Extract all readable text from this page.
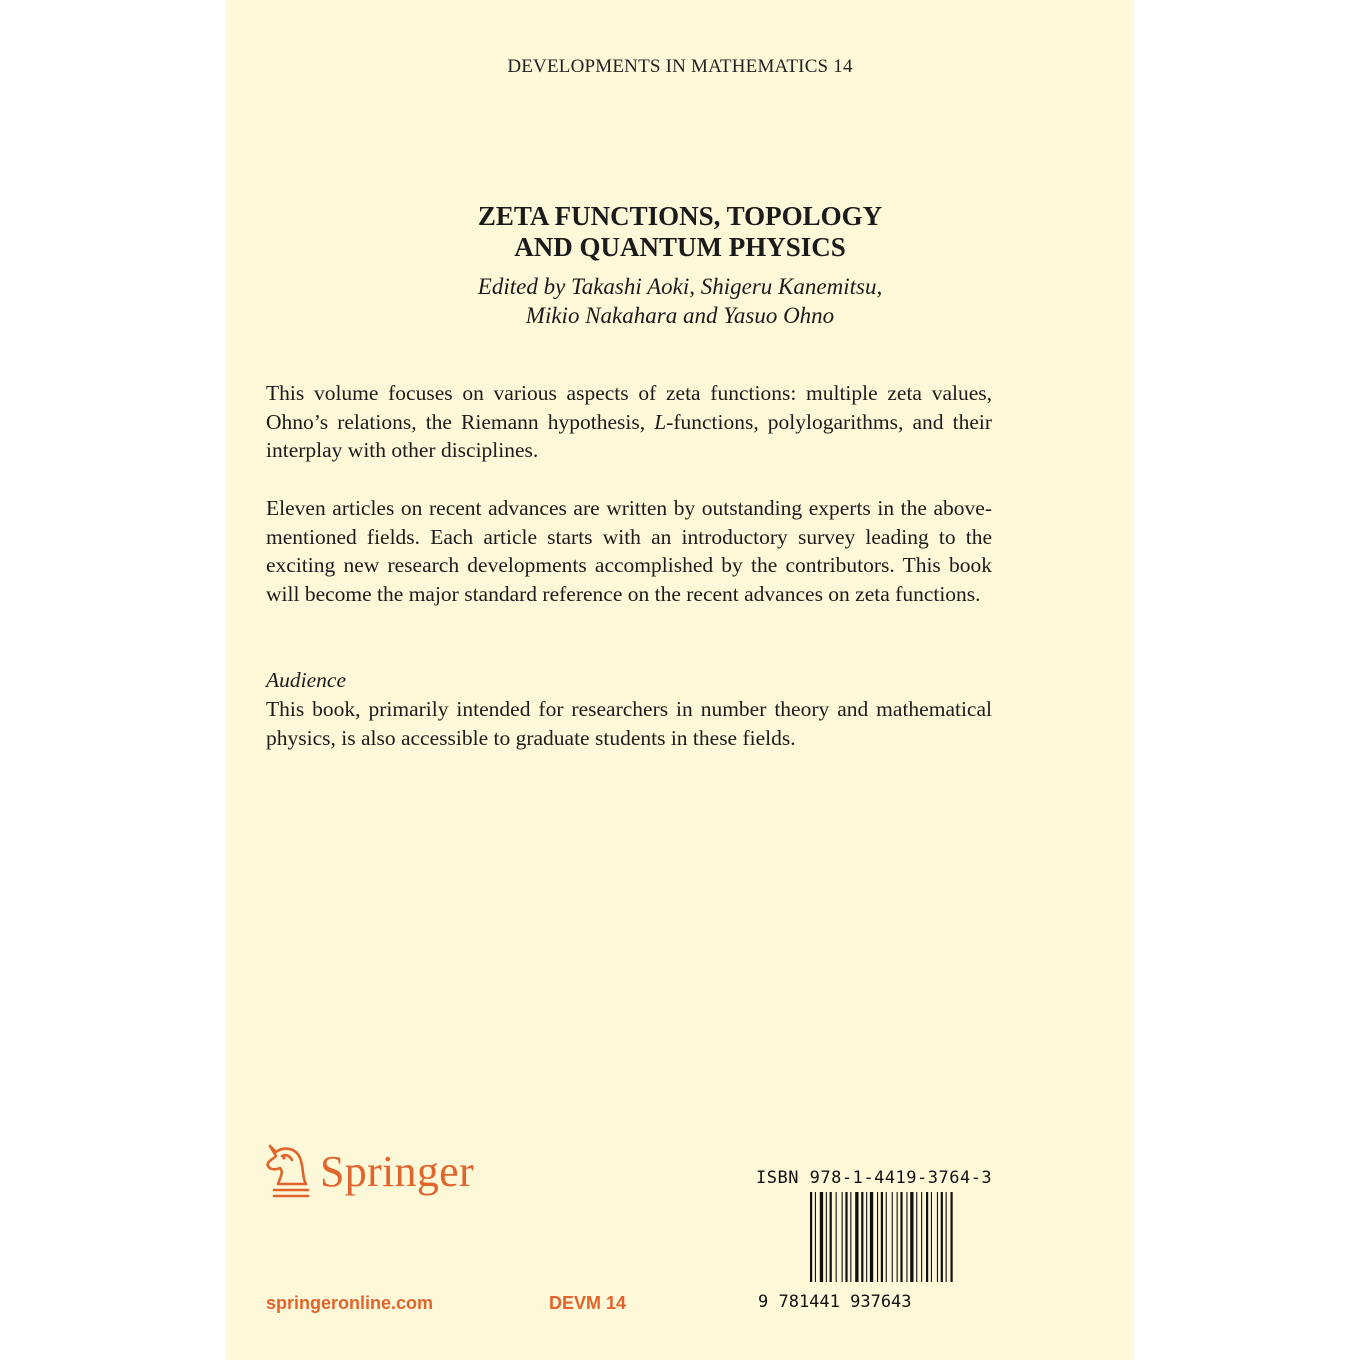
DEVELOPMENTS IN MATHEMATICS 14
ZETA FUNCTIONS, TOPOLOGY
AND QUANTUM PHYSICS
Edited by Takashi Aoki, Shigeru Kanemitsu,
Mikio Nakahara and Yasuo Ohno

This volume focuses on various aspects of zeta functions: multiple zeta values, Ohno’s relations, the Riemann hypothesis, L-functions, polylogarithms, and their interplay with other disciplines.

Eleven articles on recent advances are written by outstanding experts in the above-mentioned fields. Each article starts with an introductory survey leading to the exciting new research developments accomplished by the contributors. This book will become the major standard reference on the recent advances on zeta functions.

Audience

This book, primarily intended for researchers in number theory and mathematical physics, is also accessible to graduate students in these fields.

Springer	ISBN 978-1-4419-3764-3
9 781441 937643
springeronline.com	DEVM 14
